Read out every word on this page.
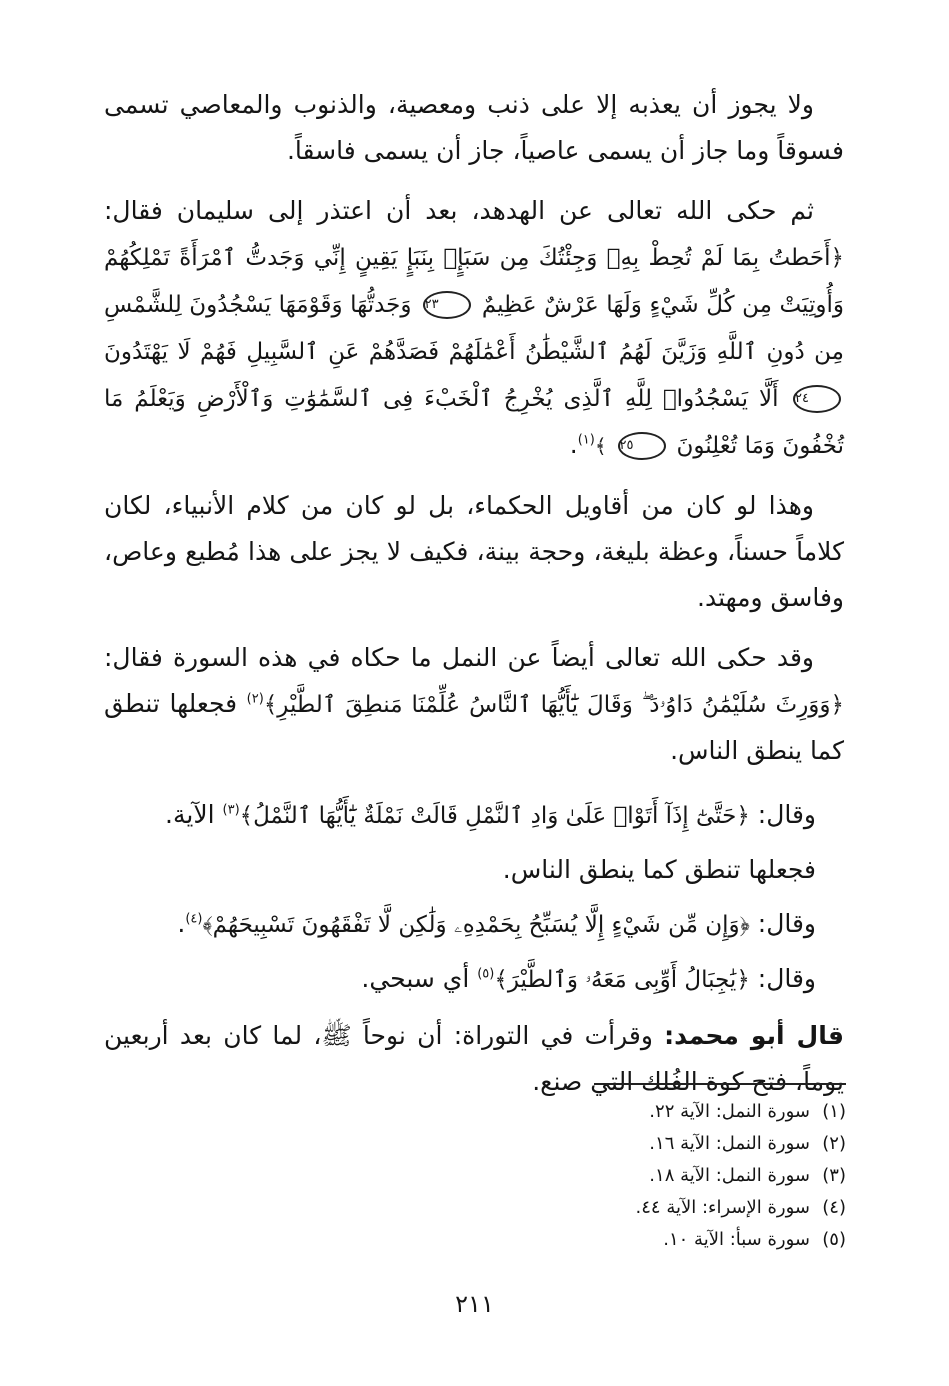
ولا يجوز أن يعذبه إلا على ذنب ومعصية، والذنوب والمعاصي تسمى فسوقاً وما جاز أن يسمى عاصياً، جاز أن يسمى فاسقاً.

ثم حكى الله تعالى عن الهدهد، بعد أن اعتذر إلى سليمان فقال: ﴿أَحَطتُ بِمَا لَمْ تُحِطْ بِهِۦ وَجِئْتُكَ مِن سَبَإٍۭ بِنَبَإٍ يَقِينٍ إِنِّي وَجَدتُّ ٱمْرَأَةً تَمْلِكُهُمْ وَأُوتِيَتْ مِن كُلِّ شَيْءٍ وَلَهَا عَرْشٌ عَظِيمٌ ٢٣ وَجَدتُّهَا وَقَوْمَهَا يَسْجُدُونَ لِلشَّمْسِ مِن دُونِ ٱللَّهِ وَزَيَّنَ لَهُمُ ٱلشَّيْطَٰنُ أَعْمَٰلَهُمْ فَصَدَّهُمْ عَنِ ٱلسَّبِيلِ فَهُمْ لَا يَهْتَدُونَ ٢٤ أَلَّا يَسْجُدُوا۟ لِلَّهِ ٱلَّذِى يُخْرِجُ ٱلْخَبْءَ فِى ٱلسَّمَٰوَٰتِ وَٱلْأَرْضِ وَيَعْلَمُ مَا تُخْفُونَ وَمَا تُعْلِنُونَ ٢٥ ﴾$^{(١)}$.

وهذا لو كان من أقاويل الحكماء، بل لو كان من كلام الأنبياء، لكان كلاماً حسناً، وعظة بليغة، وحجة بينة، فكيف لا يجز على هذا مُطيع وعاص، وفاسق ومهتد.

وقد حكى الله تعالى أيضاً عن النمل ما حكاه في هذه السورة فقال: ﴿وَوَرِثَ سُلَيْمَٰنُ دَاوُۥدَ ۖ وَقَالَ يَٰٓأَيُّهَا ٱلنَّاسُ عُلِّمْنَا مَنطِقَ ٱلطَّيْرِ﴾$^{(٢)}$ فجعلها تنطق كما ينطق الناس.

وقال: ﴿حَتَّىٰٓ إِذَآ أَتَوْا۟ عَلَىٰ وَادِ ٱلنَّمْلِ قَالَتْ نَمْلَةٌ يَٰٓأَيُّهَا ٱلنَّمْلُ﴾$^{(٣)}$ الآية.

فجعلها تنطق كما ينطق الناس.

وقال: ﴿وَإِن مِّن شَيْءٍ إِلَّا يُسَبِّحُ بِحَمْدِهِۦ وَلَٰكِن لَّا تَفْقَهُونَ تَسْبِيحَهُمْ﴾$^{(٤)}$.

وقال: ﴿يَٰجِبَالُ أَوِّبِى مَعَهُۥ وَٱلطَّيْرَ﴾$^{(٥)}$ أي سبحي.

قال أبو محمد: وقرأت في التوراة: أن نوحاً ﷺ، لما كان بعد أربعين يوماً، فتح كوة الفُلك التي صنع.

(١)سورة النمل: الآية ٢٢.
(٢)سورة النمل: الآية ١٦.
(٣)سورة النمل: الآية ١٨.
(٤)سورة الإسراء: الآية ٤٤.
(٥)سورة سبأ: الآية ١٠.
٢١١
